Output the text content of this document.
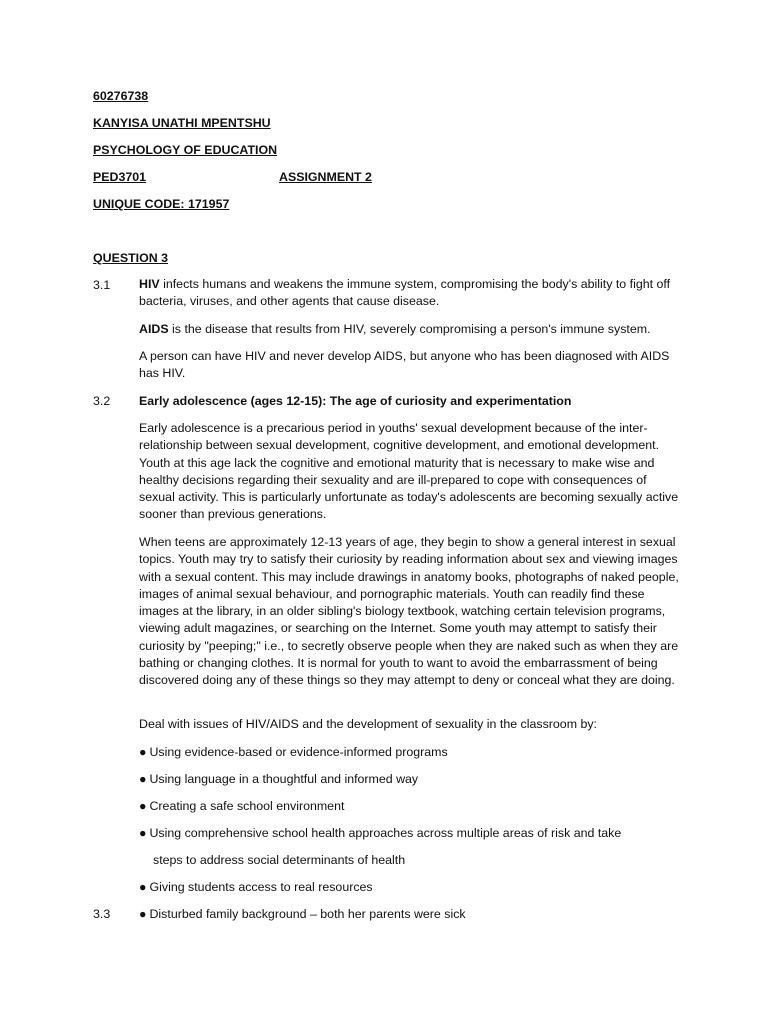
60276738
KANYISA UNATHI MPENTSHU
PSYCHOLOGY OF EDUCATION
PED3701	ASSIGNMENT 2
UNIQUE CODE: 171957
QUESTION 3
3.1 HIV infects humans and weakens the immune system, compromising the body's ability to fight off bacteria, viruses, and other agents that cause disease.
AIDS is the disease that results from HIV, severely compromising a person's immune system.
A person can have HIV and never develop AIDS, but anyone who has been diagnosed with AIDS has HIV.
3.2 Early adolescence (ages 12-15): The age of curiosity and experimentation
Early adolescence is a precarious period in youths' sexual development because of the inter-relationship between sexual development, cognitive development, and emotional development. Youth at this age lack the cognitive and emotional maturity that is necessary to make wise and healthy decisions regarding their sexuality and are ill-prepared to cope with consequences of sexual activity. This is particularly unfortunate as today's adolescents are becoming sexually active sooner than previous generations.
When teens are approximately 12-13 years of age, they begin to show a general interest in sexual topics. Youth may try to satisfy their curiosity by reading information about sex and viewing images with a sexual content. This may include drawings in anatomy books, photographs of naked people, images of animal sexual behaviour, and pornographic materials. Youth can readily find these images at the library, in an older sibling's biology textbook, watching certain television programs, viewing adult magazines, or searching on the Internet. Some youth may attempt to satisfy their curiosity by "peeping;" i.e., to secretly observe people when they are naked such as when they are bathing or changing clothes. It is normal for youth to want to avoid the embarrassment of being discovered doing any of these things so they may attempt to deny or conceal what they are doing.
Deal with issues of HIV/AIDS and the development of sexuality in the classroom by:
● Using evidence-based or evidence-informed programs
● Using language in a thoughtful and informed way
● Creating a safe school environment
● Using comprehensive school health approaches across multiple areas of risk and take
steps to address social determinants of health
● Giving students access to real resources
3.3 ● Disturbed family background – both her parents were sick
